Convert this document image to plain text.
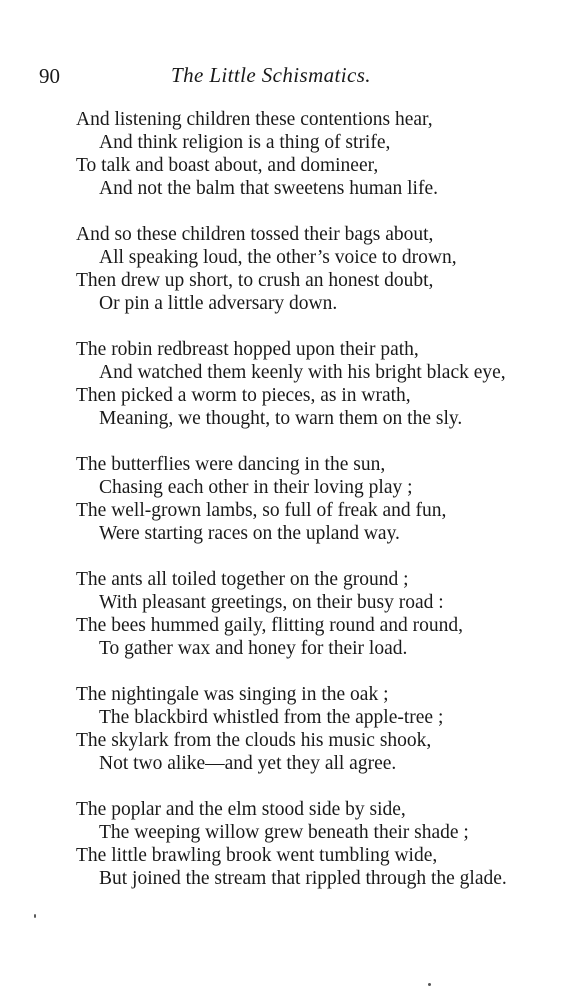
90	The Little Schismatics.
And listening children these contentions hear,
And think religion is a thing of strife,
To talk and boast about, and domineer,
And not the balm that sweetens human life.
And so these children tossed their bags about,
All speaking loud, the other’s voice to drown,
Then drew up short, to crush an honest doubt,
Or pin a little adversary down.
The robin redbreast hopped upon their path,
And watched them keenly with his bright black eye,
Then picked a worm to pieces, as in wrath,
Meaning, we thought, to warn them on the sly.
The butterflies were dancing in the sun,
Chasing each other in their loving play ;
The well-grown lambs, so full of freak and fun,
Were starting races on the upland way.
The ants all toiled together on the ground ;
With pleasant greetings, on their busy road :
The bees hummed gaily, flitting round and round,
To gather wax and honey for their load.
The nightingale was singing in the oak ;
The blackbird whistled from the apple-tree ;
The skylark from the clouds his music shook,
Not two alike—and yet they all agree.
The poplar and the elm stood side by side,
The weeping willow grew beneath their shade ;
The little brawling brook went tumbling wide,
But joined the stream that rippled through the glade.
